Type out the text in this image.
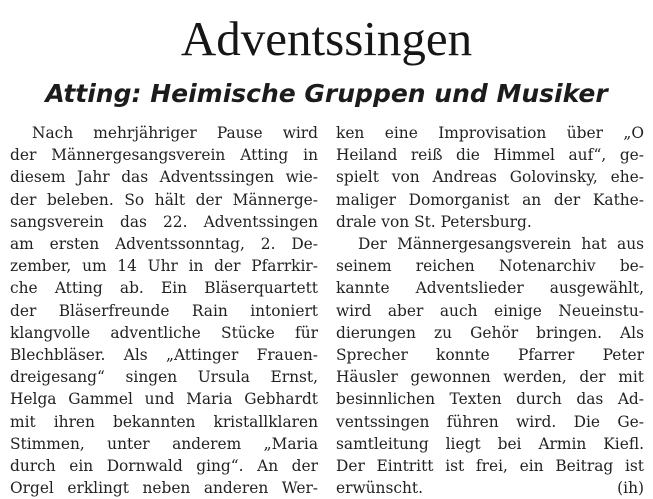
Adventssingen
Atting: Heimische Gruppen und Musiker
Nach mehrjähriger Pause wird
der Männergesangsverein Atting in
diesem Jahr das Adventssingen wie-
der beleben. So hält der Männerge-
sangsverein das 22. Adventssingen
am ersten Adventssonntag, 2. De-
zember, um 14 Uhr in der Pfarrkir-
che Atting ab. Ein Bläserquartett
der Bläserfreunde Rain intoniert
klangvolle adventliche Stücke für
Blechbläser. Als „Attinger Frauen-
dreigesang“ singen Ursula Ernst,
Helga Gammel und Maria Gebhardt
mit ihren bekannten kristallklaren
Stimmen, unter anderem „Maria
durch ein Dornwald ging“. An der
Orgel erklingt neben anderen Wer-
ken eine Improvisation über „O
Heiland reiß die Himmel auf“, ge-
spielt von Andreas Golovinsky, ehe-
maliger Domorganist an der Kathe-
drale von St. Petersburg.
Der Männergesangsverein hat aus
seinem reichen Notenarchiv be-
kannte Adventslieder ausgewählt,
wird aber auch einige Neueinstu-
dierungen zu Gehör bringen. Als
Sprecher konnte Pfarrer Peter
Häusler gewonnen werden, der mit
besinnlichen Texten durch das Ad-
ventssingen führen wird. Die Ge-
samtleitung liegt bei Armin Kiefl.
Der Eintritt ist frei, ein Beitrag ist
erwünscht.	(ih)
